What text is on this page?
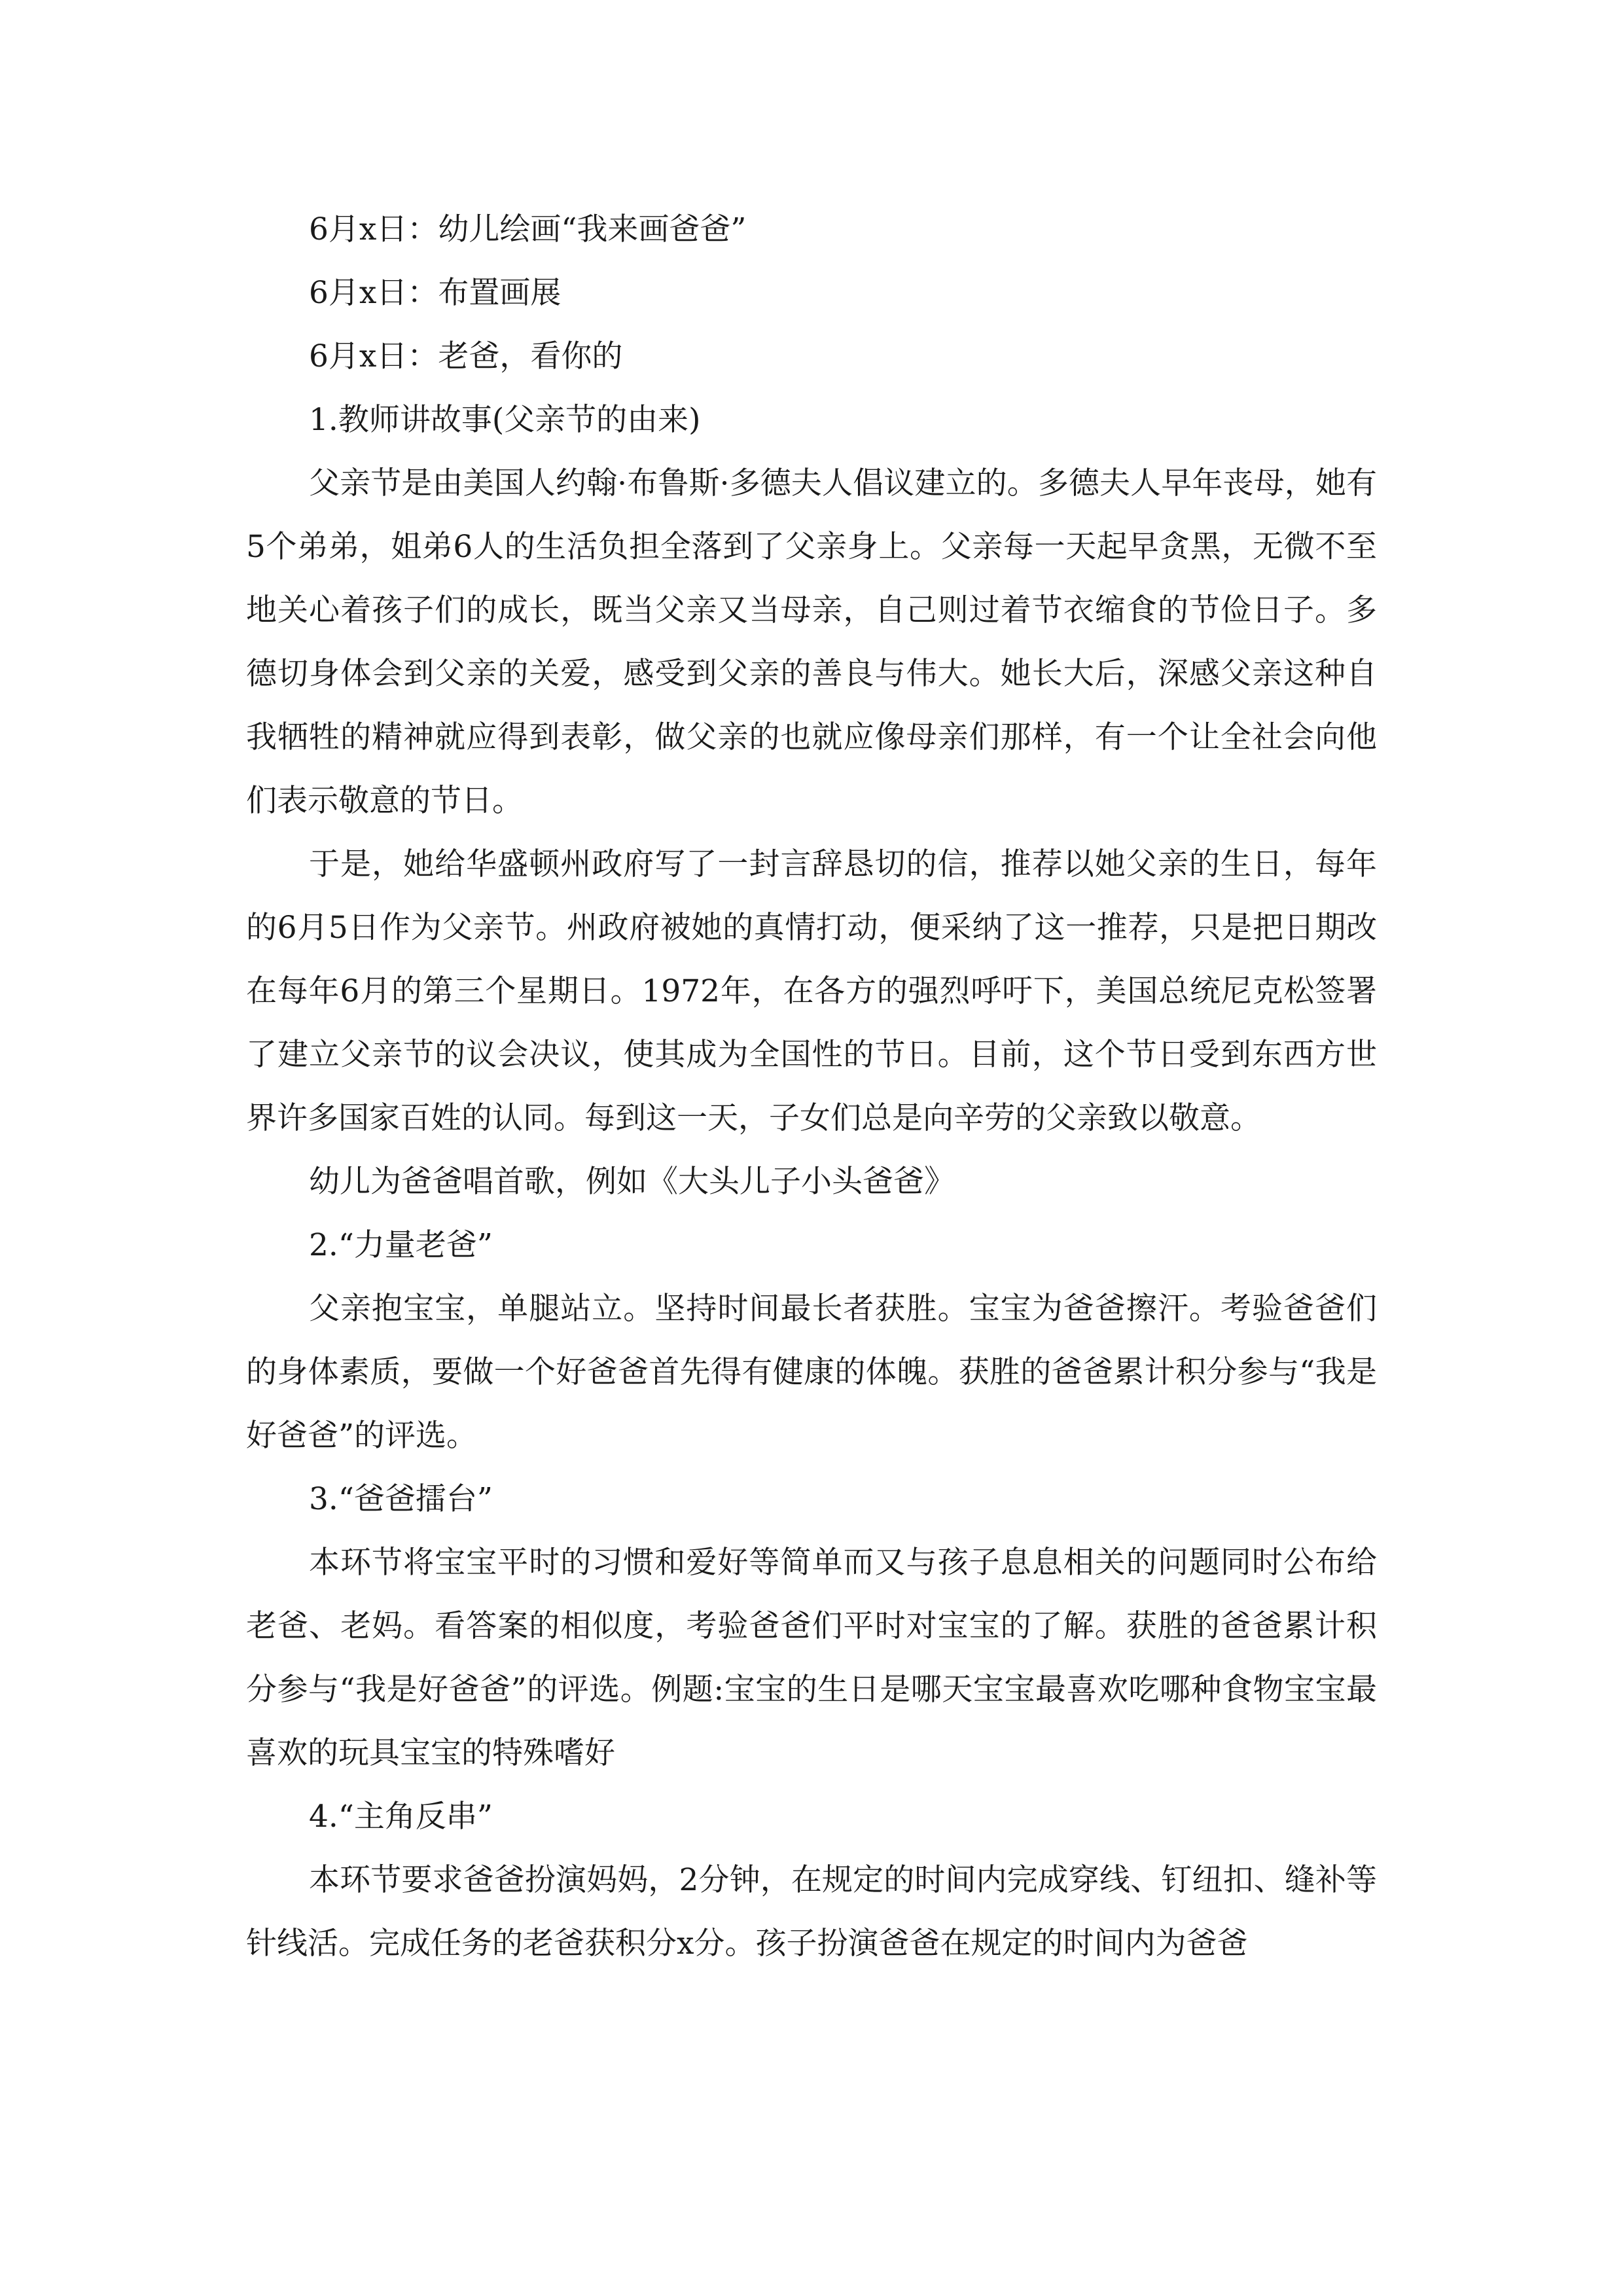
6月x日：幼儿绘画“我来画爸爸”

6月x日：布置画展

6月x日：老爸，看你的

1.教师讲故事(父亲节的由来)

父亲节是由美国人约翰·布鲁斯·多德夫人倡议建立的。多德夫人早年丧母，她有5个弟弟，姐弟6人的生活负担全落到了父亲身上。父亲每一天起早贪黑，无微不至地关心着孩子们的成长，既当父亲又当母亲，自己则过着节衣缩食的节俭日子。多德切身体会到父亲的关爱，感受到父亲的善良与伟大。她长大后，深感父亲这种自我牺牲的精神就应得到表彰，做父亲的也就应像母亲们那样，有一个让全社会向他们表示敬意的节日。

于是，她给华盛顿州政府写了一封言辞恳切的信，推荐以她父亲的生日，每年的6月5日作为父亲节。州政府被她的真情打动，便采纳了这一推荐，只是把日期改在每年6月的第三个星期日。1972年，在各方的强烈呼吁下，美国总统尼克松签署了建立父亲节的议会决议，使其成为全国性的节日。目前，这个节日受到东西方世界许多国家百姓的认同。每到这一天，子女们总是向辛劳的父亲致以敬意。

幼儿为爸爸唱首歌，例如《大头儿子小头爸爸》

2.“力量老爸”

父亲抱宝宝，单腿站立。坚持时间最长者获胜。宝宝为爸爸擦汗。考验爸爸们的身体素质，要做一个好爸爸首先得有健康的体魄。获胜的爸爸累计积分参与“我是好爸爸”的评选。

3.“爸爸擂台”

本环节将宝宝平时的习惯和爱好等简单而又与孩子息息相关的问题同时公布给老爸、老妈。看答案的相似度，考验爸爸们平时对宝宝的了解。获胜的爸爸累计积分参与“我是好爸爸”的评选。例题:宝宝的生日是哪天宝宝最喜欢吃哪种食物宝宝最喜欢的玩具宝宝的特殊嗜好

4.“主角反串”

本环节要求爸爸扮演妈妈，2分钟，在规定的时间内完成穿线、钉纽扣、缝补等针线活。完成任务的老爸获积分x分。孩子扮演爸爸在规定的时间内为爸爸
